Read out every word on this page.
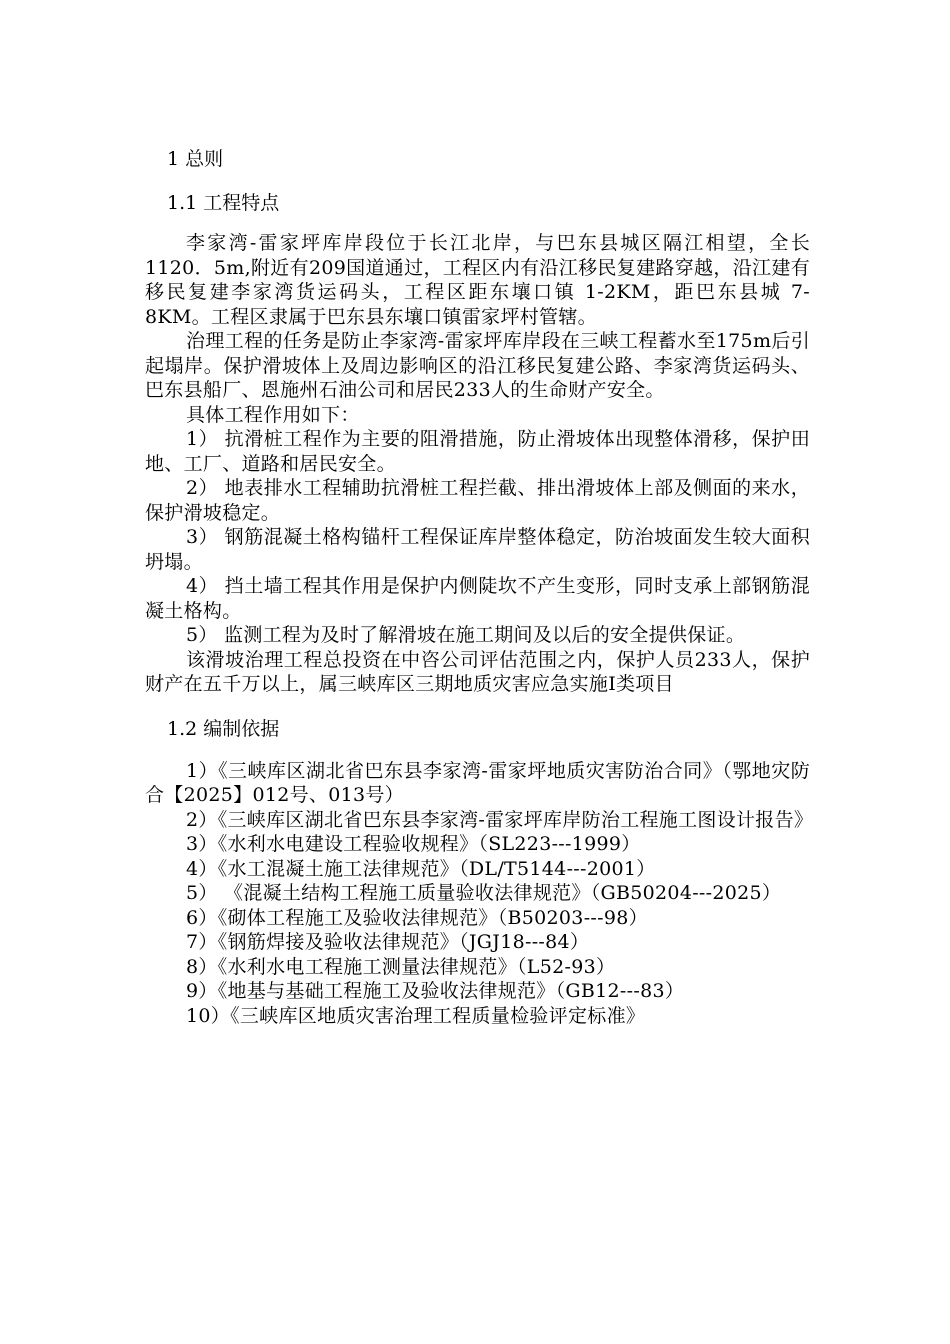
1 总则
1.1 工程特点

李家湾-雷家坪库岸段位于长江北岸，与巴东县城区隔江相望，全长1120．5m,附近有209国道通过，工程区内有沿江移民复建路穿越，沿江建有移民复建李家湾货运码头，工程区距东壤口镇 1-2KM，距巴东县城 7-8KM。工程区隶属于巴东县东壤口镇雷家坪村管辖。

治理工程的任务是防止李家湾-雷家坪库岸段在三峡工程蓄水至175m后引起塌岸。保护滑坡体上及周边影响区的沿江移民复建公路、李家湾货运码头、巴东县船厂、恩施州石油公司和居民233人的生命财产安全。

具体工程作用如下：

1） 抗滑桩工程作为主要的阻滑措施，防止滑坡体出现整体滑移，保护田地、工厂、道路和居民安全。

2） 地表排水工程辅助抗滑桩工程拦截、排出滑坡体上部及侧面的来水，保护滑坡稳定。

3） 钢筋混凝土格构锚杆工程保证库岸整体稳定，防治坡面发生较大面积坍塌。

4） 挡土墙工程其作用是保护内侧陡坎不产生变形，同时支承上部钢筋混凝土格构。

5） 监测工程为及时了解滑坡在施工期间及以后的安全提供保证。

该滑坡治理工程总投资在中咨公司评估范围之内，保护人员233人，保护财产在五千万以上，属三峡库区三期地质灾害应急实施Ⅰ类项目

1.2 编制依据

1）《三峡库区湖北省巴东县李家湾-雷家坪地质灾害防治合同》（鄂地灾防合【2025】012号、013号）

2）《三峡库区湖北省巴东县李家湾-雷家坪库岸防治工程施工图设计报告》

3）《水利水电建设工程验收规程》（SL223---1999）

4）《水工混凝土施工法律规范》（DL/T5144---2001）

5） 《混凝土结构工程施工质量验收法律规范》（GB50204---2025）

6）《砌体工程施工及验收法律规范》（B50203---98）

7）《钢筋焊接及验收法律规范》（JGJ18---84）

8）《水利水电工程施工测量法律规范》（L52-93）

9）《地基与基础工程施工及验收法律规范》（GB12---83）

10）《三峡库区地质灾害治理工程质量检验评定标准》
